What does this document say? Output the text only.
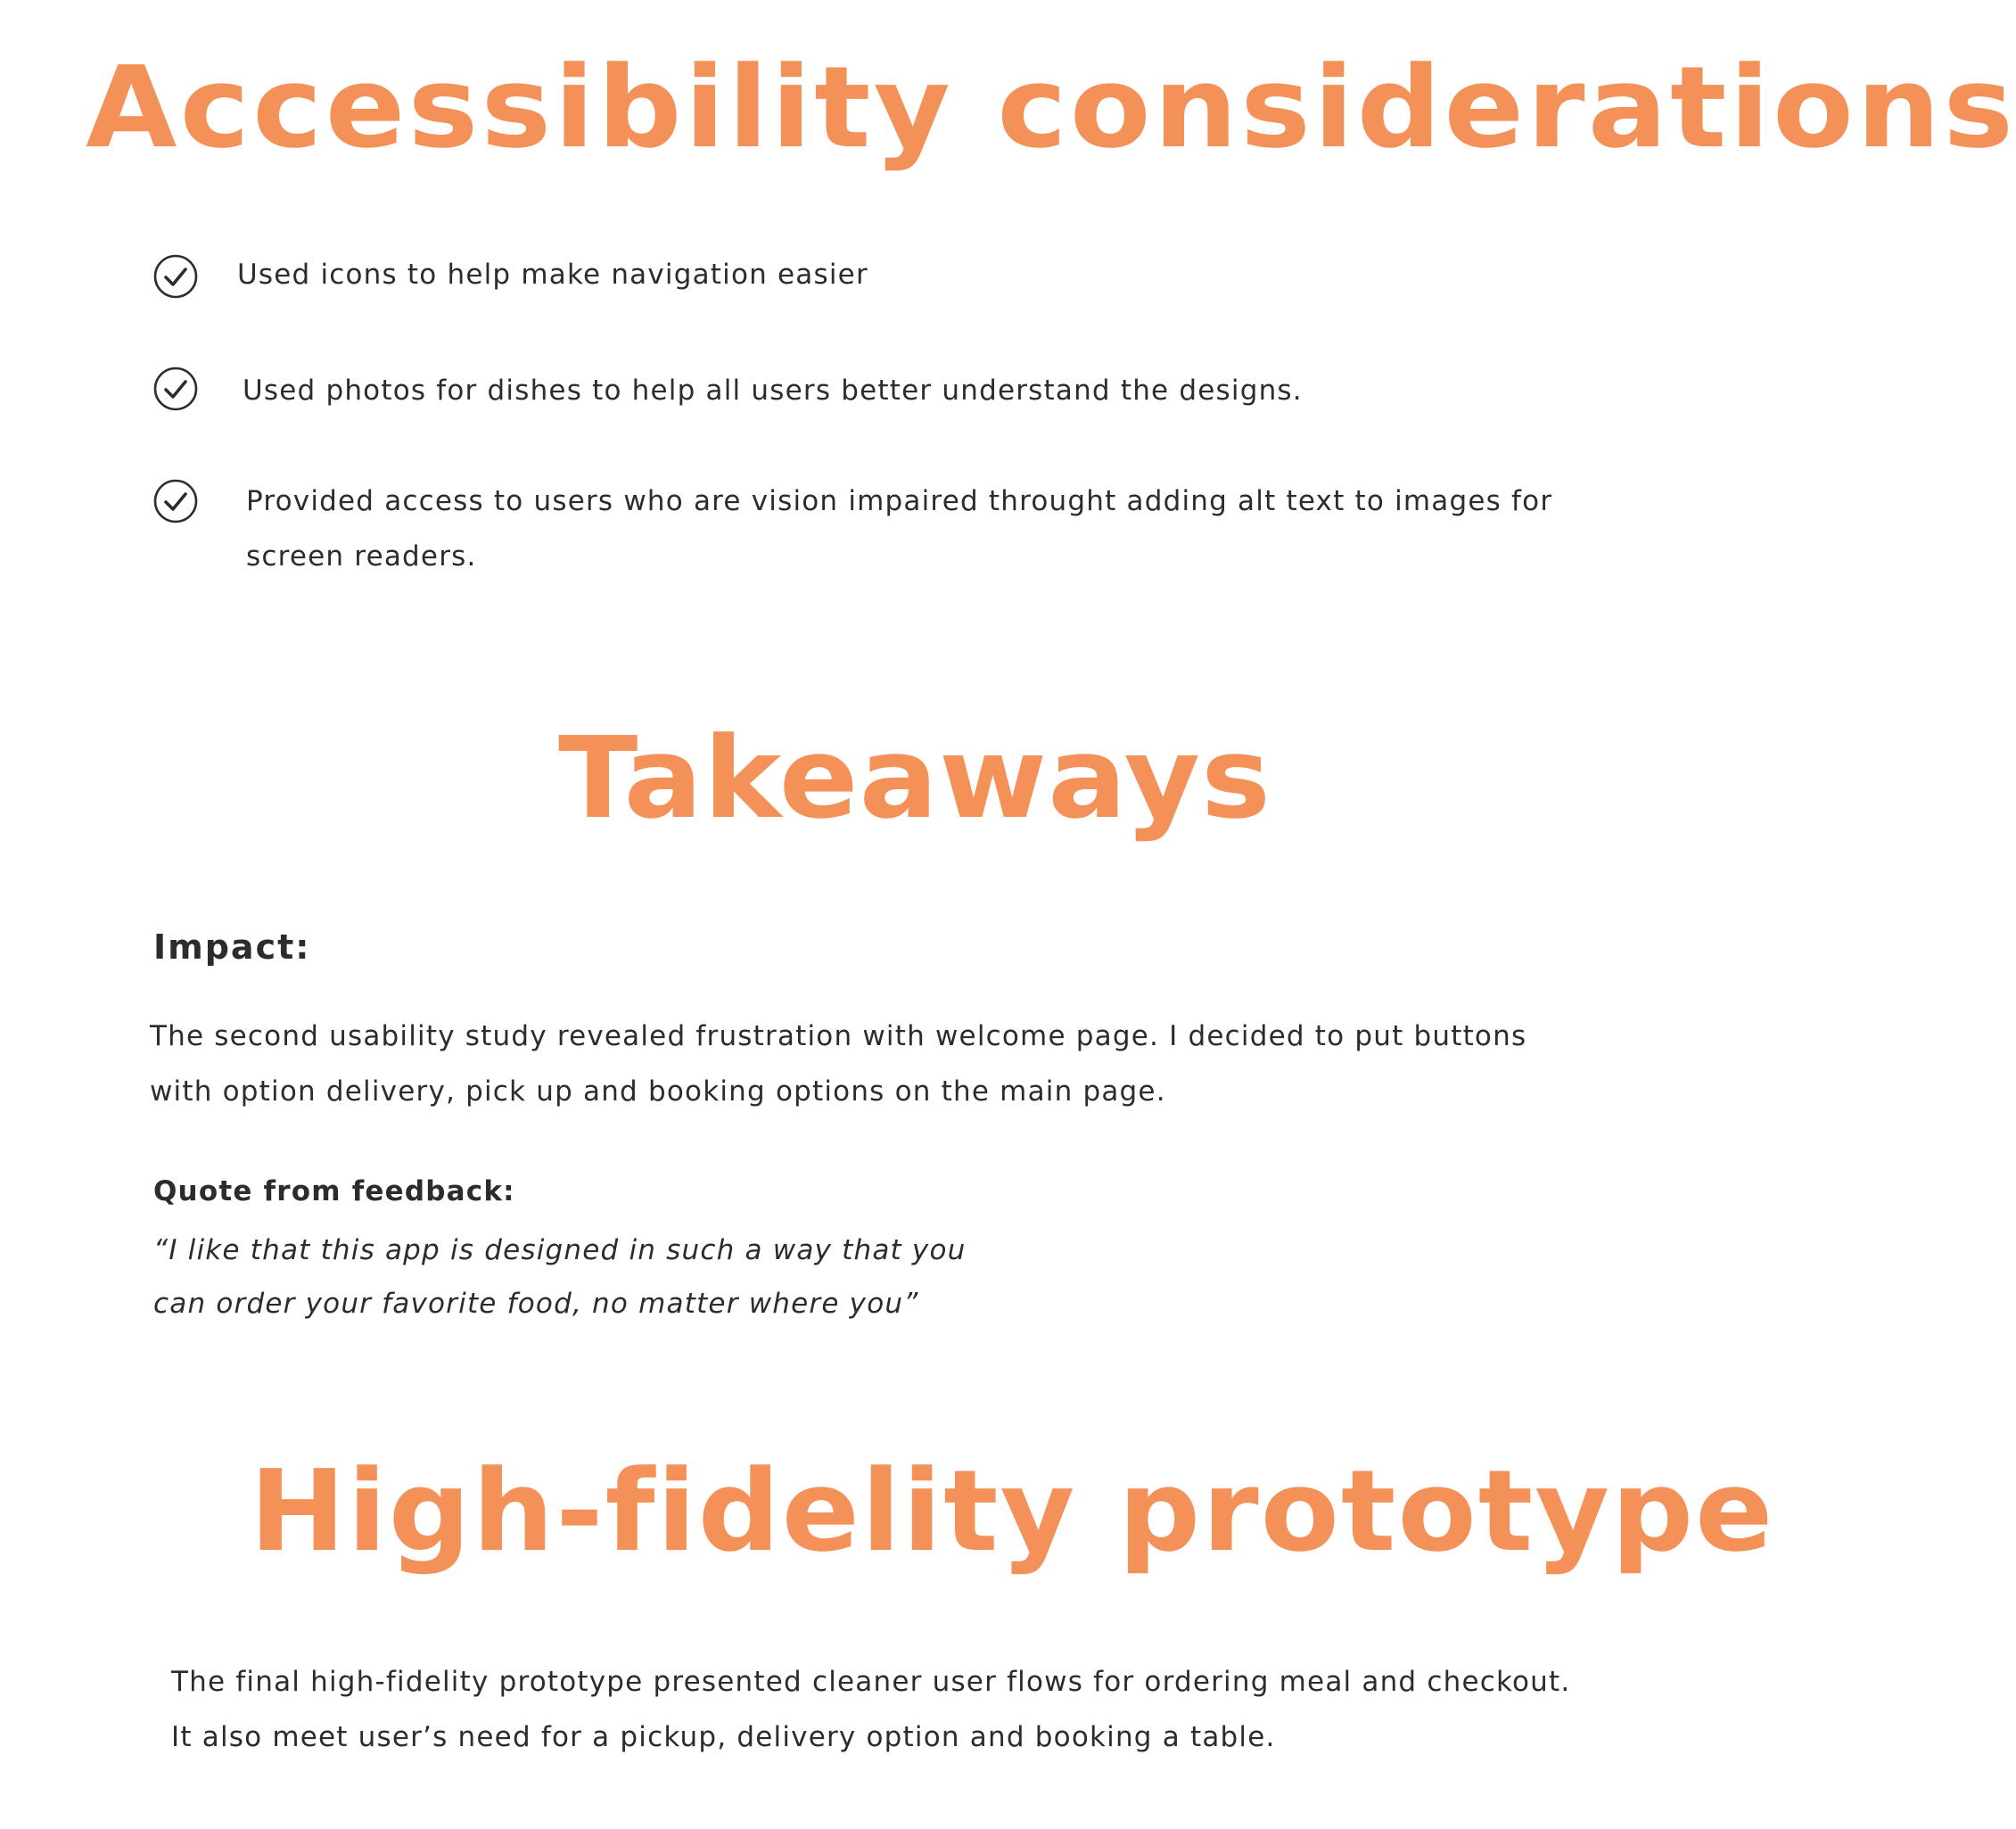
Accessibility considerations

Used icons to help make navigation easier

Used photos for dishes to help all users better understand the designs.

Provided access to users who are vision impaired throught adding alt text to images for
screen readers.

Takeaways
Impact:

The second usability study revealed frustration with welcome page. I decided to put buttons
with option delivery, pick up and booking options on the main page.

Quote from feedback:

“I like that this app is designed in such a way that you
can order your favorite food, no matter where you”

High-fidelity prototype

The final high-fidelity prototype presented cleaner user flows for ordering meal and checkout.
It also meet user’s need for a pickup, delivery option and booking a table.
